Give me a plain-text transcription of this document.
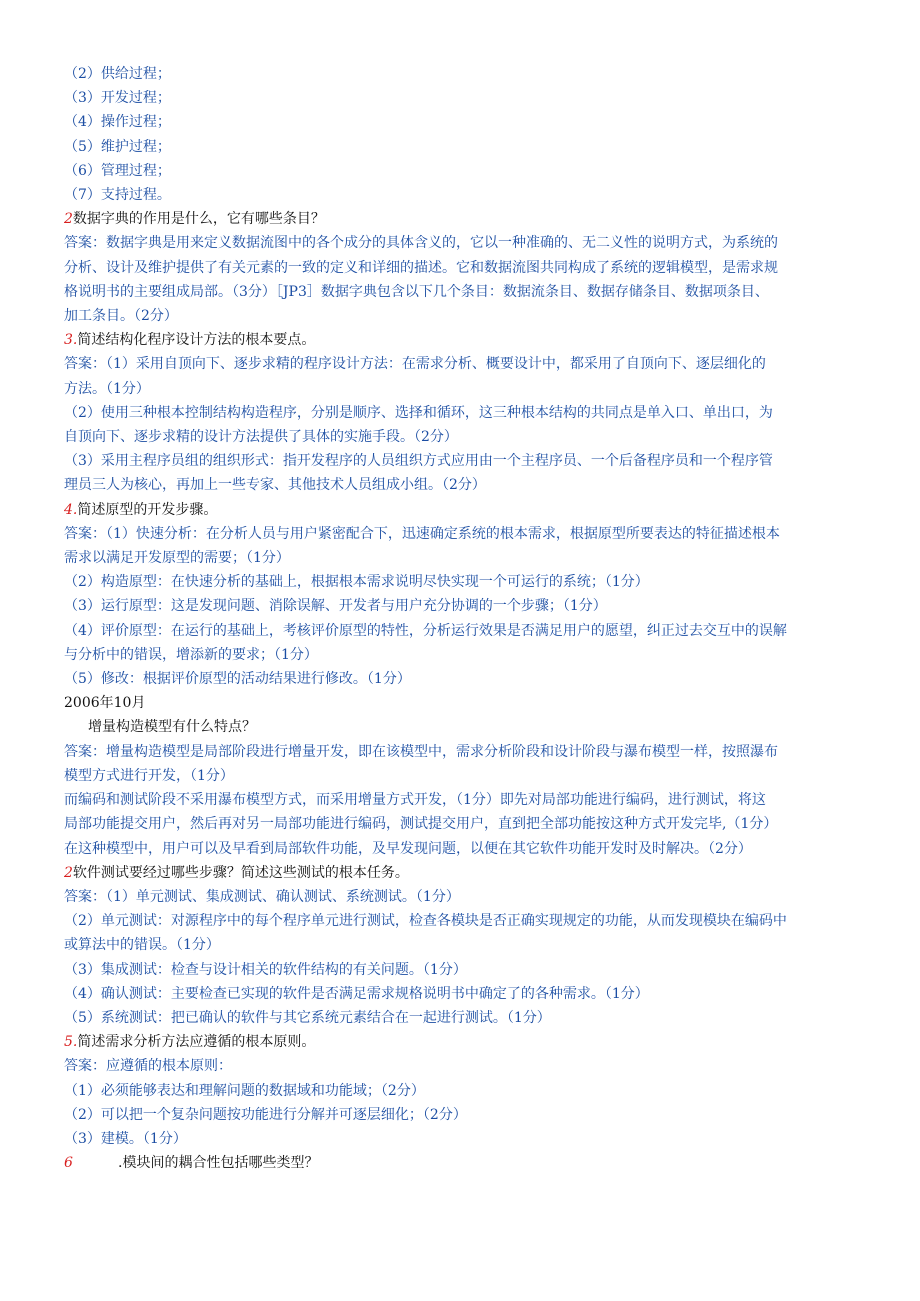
（2）供给过程；

（3）开发过程；

（4）操作过程；

（5）维护过程；

（6）管理过程；

（7）支持过程。

2数据字典的作用是什么，它有哪些条目？

答案：数据字典是用来定义数据流图中的各个成分的具体含义的，它以一种准确的、无二义性的说明方式，为系统的

分析、设计及维护提供了有关元素的一致的定义和详细的描述。它和数据流图共同构成了系统的逻辑模型，是需求规

格说明书的主要组成局部。（3分）［JP3］数据字典包含以下几个条目：数据流条目、数据存储条目、数据项条目、

加工条目。（2分）

3.简述结构化程序设计方法的根本要点。

答案：（1）采用自顶向下、逐步求精的程序设计方法：在需求分析、概要设计中，都采用了自顶向下、逐层细化的

方法。（1分）

（2）使用三种根本控制结构构造程序，分别是顺序、选择和循环，这三种根本结构的共同点是单入口、单出口，为

自顶向下、逐步求精的设计方法提供了具体的实施手段。（2分）

（3）采用主程序员组的组织形式：指开发程序的人员组织方式应用由一个主程序员、一个后备程序员和一个程序管

理员三人为核心，再加上一些专家、其他技术人员组成小组。（2分）

4.简述原型的开发步骤。

答案：（1）快速分析：在分析人员与用户紧密配合下，迅速确定系统的根本需求，根据原型所要表达的特征描述根本

需求以满足开发原型的需要；（1分）

（2）构造原型：在快速分析的基础上，根据根本需求说明尽快实现一个可运行的系统；（1分）

（3）运行原型：这是发现问题、消除误解、开发者与用户充分协调的一个步骤；（1分）

（4）评价原型：在运行的基础上，考核评价原型的特性，分析运行效果是否满足用户的愿望，纠正过去交互中的误解

与分析中的错误，增添新的要求；（1分）

（5）修改：根据评价原型的活动结果进行修改。（1分）

2006年10月

增量构造模型有什么特点？

答案：增量构造模型是局部阶段进行增量开发，即在该模型中，需求分析阶段和设计阶段与瀑布模型一样，按照瀑布

模型方式进行开发，（1分）

而编码和测试阶段不采用瀑布模型方式，而采用增量方式开发，（1分）即先对局部功能进行编码，进行测试，将这

局部功能提交用户，然后再对另一局部功能进行编码，测试提交用户，直到把全部功能按这种方式开发完毕,（1分）

在这种模型中，用户可以及早看到局部软件功能，及早发现问题，以便在其它软件功能开发时及时解决。（2分）

2软件测试要经过哪些步骤？简述这些测试的根本任务。

答案：（1）单元测试、集成测试、确认测试、系统测试。（1分）

（2）单元测试：对源程序中的每个程序单元进行测试，检查各模块是否正确实现规定的功能，从而发现模块在编码中

或算法中的错误。（1分）

（3）集成测试：检查与设计相关的软件结构的有关问题。（1分）

（4）确认测试：主要检查已实现的软件是否满足需求规格说明书中确定了的各种需求。（1分）

（5）系统测试：把已确认的软件与其它系统元素结合在一起进行测试。（1分）

5.简述需求分析方法应遵循的根本原则。

答案：应遵循的根本原则：

（1）必须能够表达和理解问题的数据域和功能域；（2分）

（2）可以把一个复杂问题按功能进行分解并可逐层细化；（2分）

（3）建模。（1分）

6	.模块间的耦合性包括哪些类型？
